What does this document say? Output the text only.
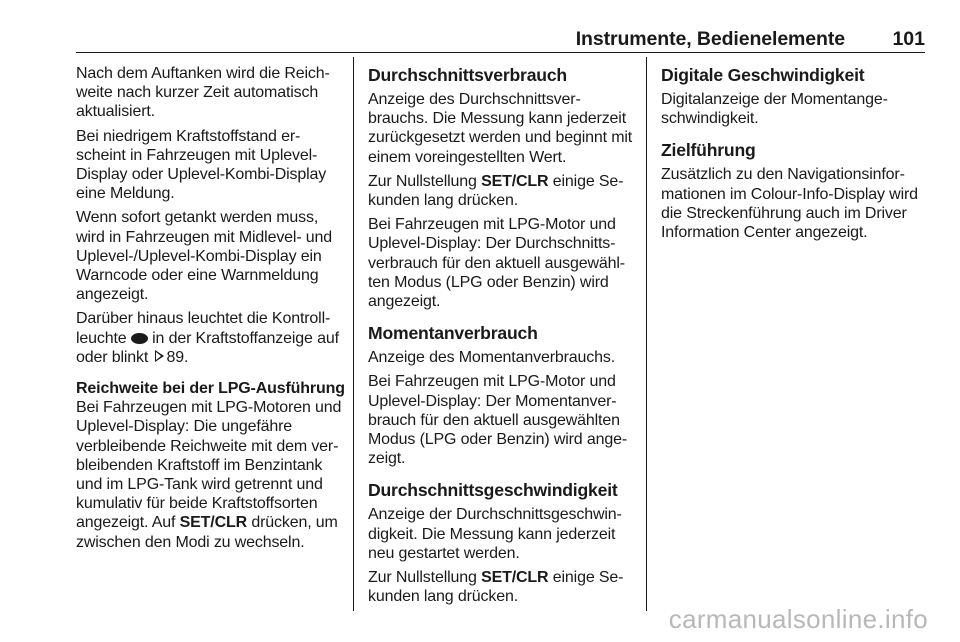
Instrumente, Bedienelemente 101

Nach dem Auftanken wird die Reich- weite nach kurzer Zeit automatisch aktualisiert.

Bei niedrigem Kraftstoffstand er- scheint in Fahrzeugen mit Uplevel- Display oder Uplevel-Kombi-Display eine Meldung.

Wenn sofort getankt werden muss, wird in Fahrzeugen mit Midlevel- und Uplevel-/Uplevel-Kombi-Display ein Warncode oder eine Warnmeldung angezeigt.

Darüber hinaus leuchtet die Kontroll- leuchte  in der Kraftstoffanzeige auf oder blinkt 89.

Reichweite bei der LPG-Ausführung

Bei Fahrzeugen mit LPG-Motoren und Uplevel-Display: Die ungefähre verbleibende Reichweite mit dem ver- bleibenden Kraftstoff im Benzintank und im LPG-Tank wird getrennt und kumulativ für beide Kraftstoffsorten angezeigt. Auf SET/CLR drücken, um zwischen den Modi zu wechseln.

Durchschnittsverbrauch

Anzeige des Durchschnittsver- brauchs. Die Messung kann jederzeit zurückgesetzt werden und beginnt mit einem voreingestellten Wert.

Zur Nullstellung SET/CLR einige Se- kunden lang drücken.

Bei Fahrzeugen mit LPG-Motor und Uplevel-Display: Der Durchschnitts- verbrauch für den aktuell ausgewähl- ten Modus (LPG oder Benzin) wird angezeigt.

Momentanverbrauch

Anzeige des Momentanverbrauchs.

Bei Fahrzeugen mit LPG-Motor und Uplevel-Display: Der Momentanver- brauch für den aktuell ausgewählten Modus (LPG oder Benzin) wird ange- zeigt.

Durchschnittsgeschwindigkeit

Anzeige der Durchschnittsgeschwin- digkeit. Die Messung kann jederzeit neu gestartet werden.

Zur Nullstellung SET/CLR einige Se- kunden lang drücken.

Digitale Geschwindigkeit

Digitalanzeige der Momentange- schwindigkeit.

Zielführung

Zusätzlich zu den Navigationsinfor- mationen im Colour-Info-Display wird die Streckenführung auch im Driver Information Center angezeigt.

carmanualsonline.info
